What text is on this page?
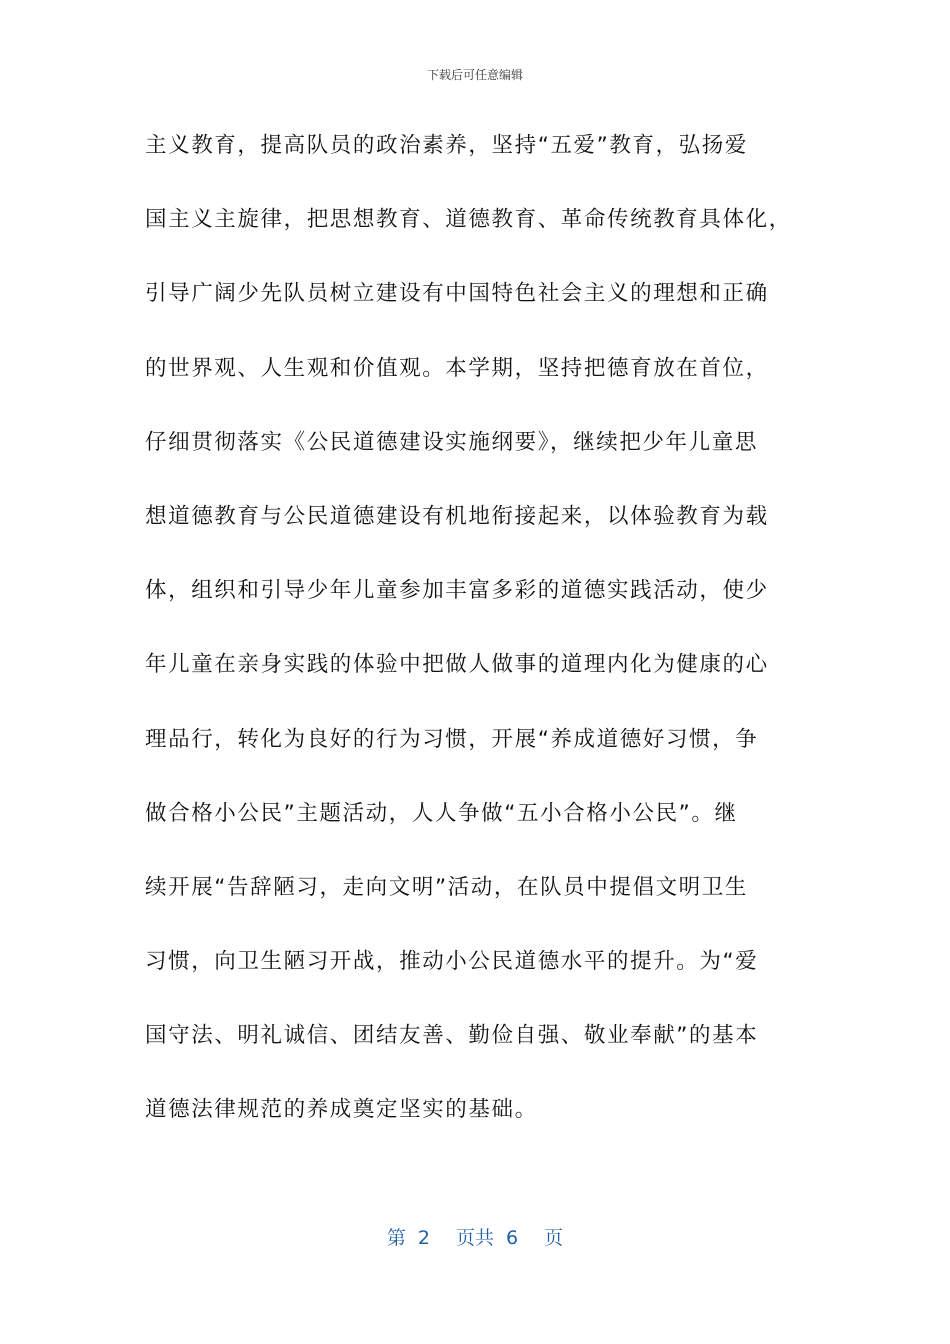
下载后可任意编辑
主义教育，提高队员的政治素养，坚持“五爱”教育，弘扬爱
国主义主旋律，把思想教育、道德教育、革命传统教育具体化，
引导广阔少先队员树立建设有中国特色社会主义的理想和正确
的世界观、人生观和价值观。本学期，坚持把德育放在首位，
仔细贯彻落实《公民道德建设实施纲要》，继续把少年儿童思
想道德教育与公民道德建设有机地衔接起来，以体验教育为载
体，组织和引导少年儿童参加丰富多彩的道德实践活动，使少
年儿童在亲身实践的体验中把做人做事的道理内化为健康的心
理品行，转化为良好的行为习惯，开展“养成道德好习惯，争
做合格小公民”主题活动，人人争做“五小合格小公民”。继
续开展“告辞陋习，走向文明”活动，在队员中提倡文明卫生
习惯，向卫生陋习开战，推动小公民道德水平的提升。为“爱
国守法、明礼诚信、团结友善、勤俭自强、敬业奉献”的基本
道德法律规范的养成奠定坚实的基础。
第 2 页共 6 页
